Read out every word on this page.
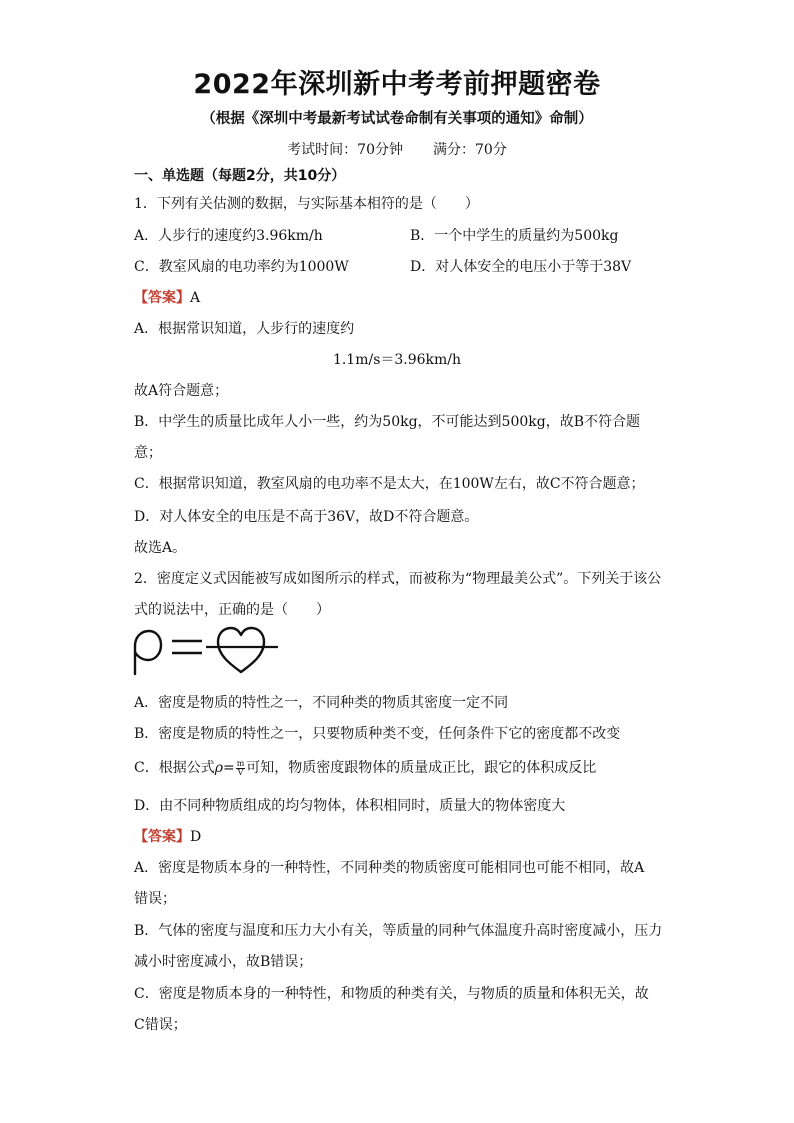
2022年深圳新中考考前押题密卷
（根据《深圳中考最新考试试卷命制有关事项的通知》命制）
考试时间：70分钟 满分：70分
一、单选题（每题2分，共10分）
1．下列有关估测的数据，与实际基本相符的是（　　）
A．人步行的速度约3.96km/h	B．一个中学生的质量约为500kg
C．教室风扇的电功率约为1000W	D．对人体安全的电压小于等于38V
【答案】A
A．根据常识知道，人步行的速度约
1.1m/s＝3.96km/h
故A符合题意；
B．中学生的质量比成年人小一些，约为50kg，不可能达到500kg，故B不符合题
意；
C．根据常识知道，教室风扇的电功率不是太大，在100W左右，故C不符合题意；
D．对人体安全的电压是不高于36V，故D不符合题意。
故选A。
2．密度定义式因能被写成如图所示的样式，而被称为“物理最美公式”。下列关于该公
式的说法中，正确的是（　　）
A．密度是物质的特性之一，不同种类的物质其密度一定不同
B．密度是物质的特性之一，只要物质种类不变，任何条件下它的密度都不改变
C．根据公式$\rho= \frac{m}{V}$ 可知，物质密度跟物体的质量成正比，跟它的体积成反比
D．由不同种物质组成的均匀物体，体积相同时，质量大的物体密度大
【答案】D
A．密度是物质本身的一种特性，不同种类的物质密度可能相同也可能不相同，故A
错误；
B．气体的密度与温度和压力大小有关，等质量的同种气体温度升高时密度减小，压力
减小时密度减小，故B错误；
C．密度是物质本身的一种特性，和物质的种类有关，与物质的质量和体积无关，故
C错误；
